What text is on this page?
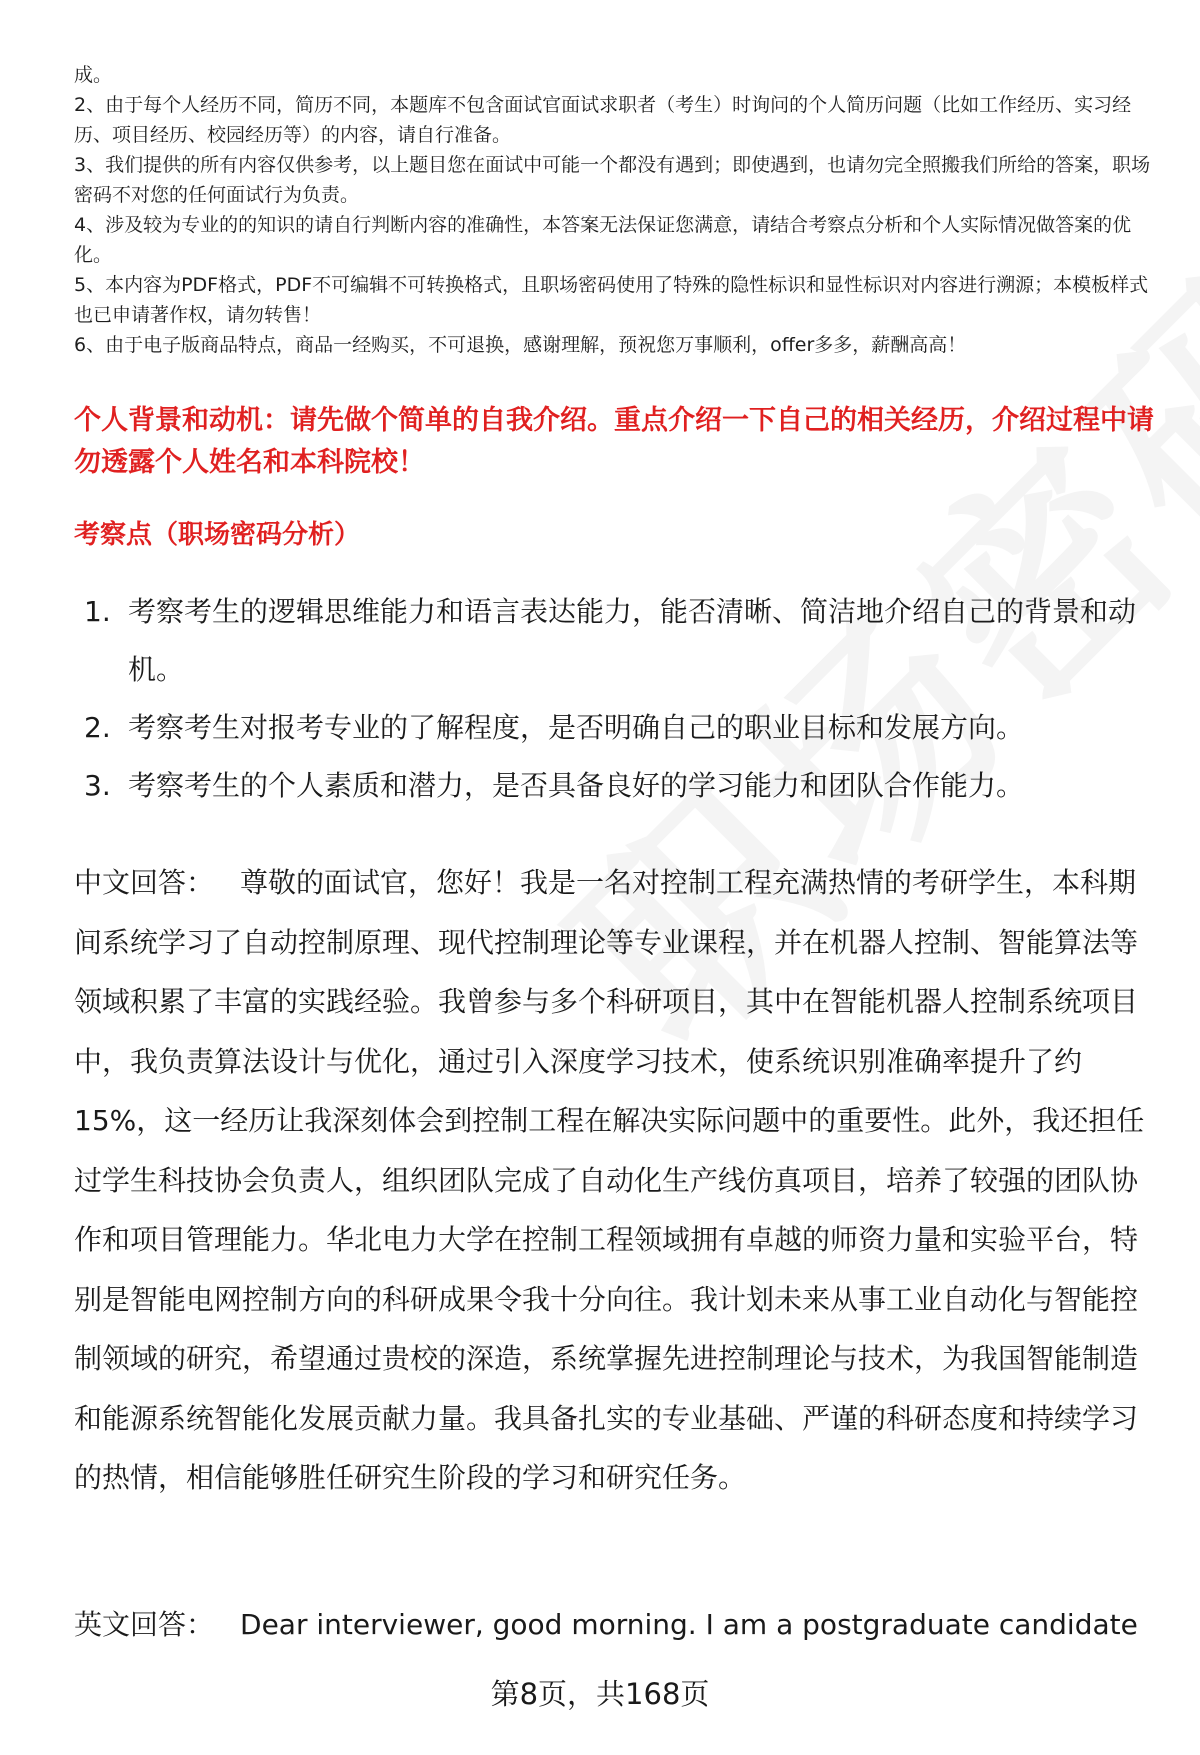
成。

2、由于每个人经历不同，简历不同，本题库不包含面试官面试求职者（考生）时询问的个人简历问题（比如工作经历、实习经历、项目经历、校园经历等）的内容，请自行准备。

3、我们提供的所有内容仅供参考，以上题目您在面试中可能一个都没有遇到；即使遇到，也请勿完全照搬我们所给的答案，职场密码不对您的任何面试行为负责。

4、涉及较为专业的的知识的请自行判断内容的准确性，本答案无法保证您满意，请结合考察点分析和个人实际情况做答案的优化。

5、本内容为PDF格式，PDF不可编辑不可转换格式，且职场密码使用了特殊的隐性标识和显性标识对内容进行溯源；本模板样式也已申请著作权，请勿转售！

6、由于电子版商品特点，商品一经购买，不可退换，感谢理解，预祝您万事顺利，offer多多，薪酬高高！

个人背景和动机：请先做个简单的自我介绍。重点介绍一下自己的相关经历，介绍过程中请勿透露个人姓名和本科院校！
考察点（职场密码分析）
1. 考察考生的逻辑思维能力和语言表达能力，能否清晰、简洁地介绍自己的背景和动机。
2. 考察考生对报考专业的了解程度，是否明确自己的职业目标和发展方向。
3. 考察考生的个人素质和潜力，是否具备良好的学习能力和团队合作能力。

中文回答： 尊敬的面试官，您好！我是一名对控制工程充满热情的考研学生，本科期间系统学习了自动控制原理、现代控制理论等专业课程，并在机器人控制、智能算法等领域积累了丰富的实践经验。我曾参与多个科研项目，其中在智能机器人控制系统项目中，我负责算法设计与优化，通过引入深度学习技术，使系统识别准确率提升了约15%，这一经历让我深刻体会到控制工程在解决实际问题中的重要性。此外，我还担任过学生科技协会负责人，组织团队完成了自动化生产线仿真项目，培养了较强的团队协作和项目管理能力。华北电力大学在控制工程领域拥有卓越的师资力量和实验平台，特别是智能电网控制方向的科研成果令我十分向往。我计划未来从事工业自动化与智能控制领域的研究，希望通过贵校的深造，系统掌握先进控制理论与技术，为我国智能制造和能源系统智能化发展贡献力量。我具备扎实的专业基础、严谨的科研态度和持续学习的热情，相信能够胜任研究生阶段的学习和研究任务。

英文回答： Dear interviewer, good morning. I am a postgraduate candidate

第8页，共168页
